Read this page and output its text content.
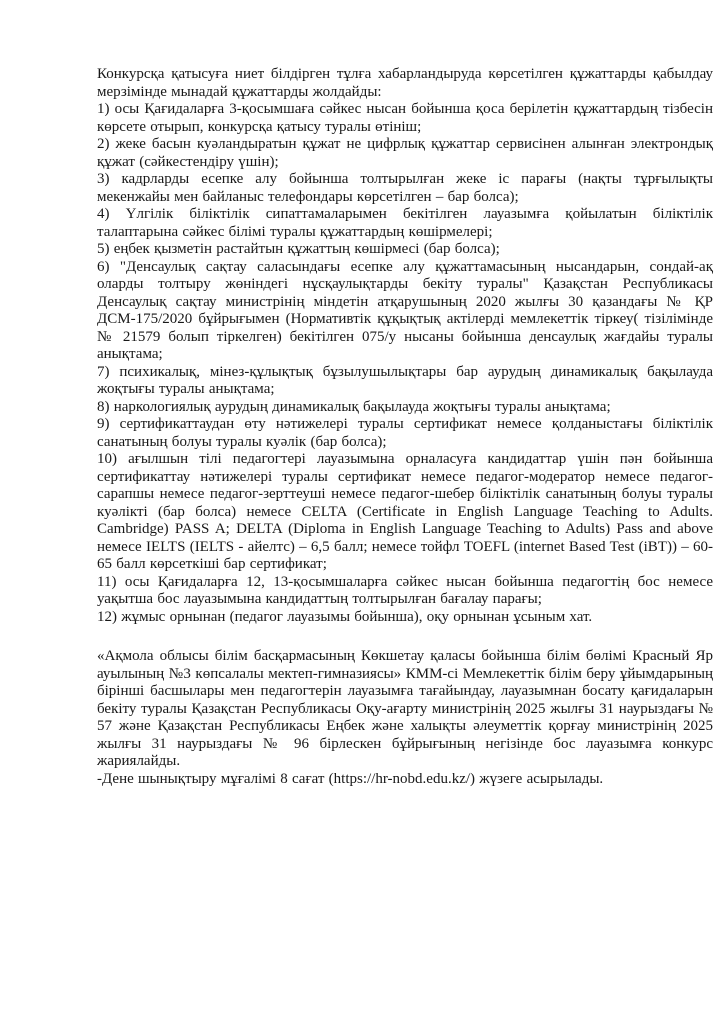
Конкурсқа қатысуға ниет білдірген тұлға хабарландыруда көрсетілген құжаттарды қабылдау мерзімінде мынадай құжаттарды жолдайды:

1) осы Қағидаларға 3-қосымшаға сәйкес нысан бойынша қоса берілетін құжаттардың тізбесін көрсете отырып, конкурсқа қатысу туралы өтініш;

2) жеке басын куәландыратын құжат не цифрлық құжаттар сервисінен алынған электрондық құжат (сәйкестендіру үшін);

3) кадрларды есепке алу бойынша толтырылған жеке іс парағы (нақты тұрғылықты мекенжайы мен байланыс телефондары көрсетілген – бар болса);

4) Үлгілік біліктілік сипаттамаларымен бекітілген лауазымға қойылатын біліктілік талаптарына сәйкес білімі туралы құжаттардың көшірмелері;

5) еңбек қызметін растайтын құжаттың көшірмесі (бар болса);

6) "Денсаулық сақтау саласындағы есепке алу құжаттамасының нысандарын, сондай-ақ оларды толтыру жөніндегі нұсқаулықтарды бекіту туралы" Қазақстан Республикасы Денсаулық сақтау министрінің міндетін атқарушының 2020 жылғы 30 қазандағы № ҚР ДСМ-175/2020 бұйрығымен (Нормативтік құқықтық актілерді мемлекеттік тіркеу( тізілімінде № 21579 болып тіркелген) бекітілген 075/у нысаны бойынша денсаулық жағдайы туралы анықтама;

7) психикалық, мінез-құлықтық бұзылушылықтары бар аурудың динамикалық бақылауда жоқтығы туралы анықтама;

8) наркологиялық аурудың динамикалық бақылауда жоқтығы туралы анықтама;

9) сертификаттаудан өту нәтижелері туралы сертификат немесе қолданыстағы біліктілік санатының болуы туралы куәлік (бар болса);

10) ағылшын тілі педагогтері лауазымына орналасуға кандидаттар үшін пән бойынша сертификаттау нәтижелері туралы сертификат немесе педагог-модератор немесе педагог-сарапшы немесе педагог-зерттеуші немесе педагог-шебер біліктілік санатының болуы туралы куәлікті (бар болса) немесе CELTA (Certificate in English Language Teaching to Adults. Cambridge) PASS A; DELTA (Diploma in English Language Teaching to Adults) Pass and above немесе IELTS (IELTS - айелтс) – 6,5 балл; немесе тойфл TOEFL (internet Based Test (iBT)) – 60-65 балл көрсеткіші бар сертификат;

11) осы Қағидаларға 12, 13-қосымшаларға сәйкес нысан бойынша педагогтің бос немесе уақытша бос лауазымына кандидаттың толтырылған бағалау парағы;

12) жұмыс орнынан (педагог лауазымы бойынша), оқу орнынан ұсыным хат.

«Ақмола облысы білім басқармасының Көкшетау қаласы бойынша білім бөлімі Красный Яр ауылының №3 көпсалалы мектеп-гимназиясы» КММ-сі Мемлекеттік білім беру ұйымдарының бірінші басшылары мен педагогтерін лауазымға тағайындау, лауазымнан босату қағидаларын бекіту туралы Қазақстан Республикасы Оқу-ағарту министрінің 2025 жылғы 31 наурыздағы № 57 және Қазақстан Республикасы Еңбек және халықты әлеуметтік қорғау министрінің 2025 жылғы 31 наурыздағы № 96 бірлескен бұйрығының негізінде бос лауазымға конкурс жариялайды.

-Дене шынықтыру мұғалімі 8 сағат (https://hr-nobd.edu.kz/) жүзеге асырылады.
